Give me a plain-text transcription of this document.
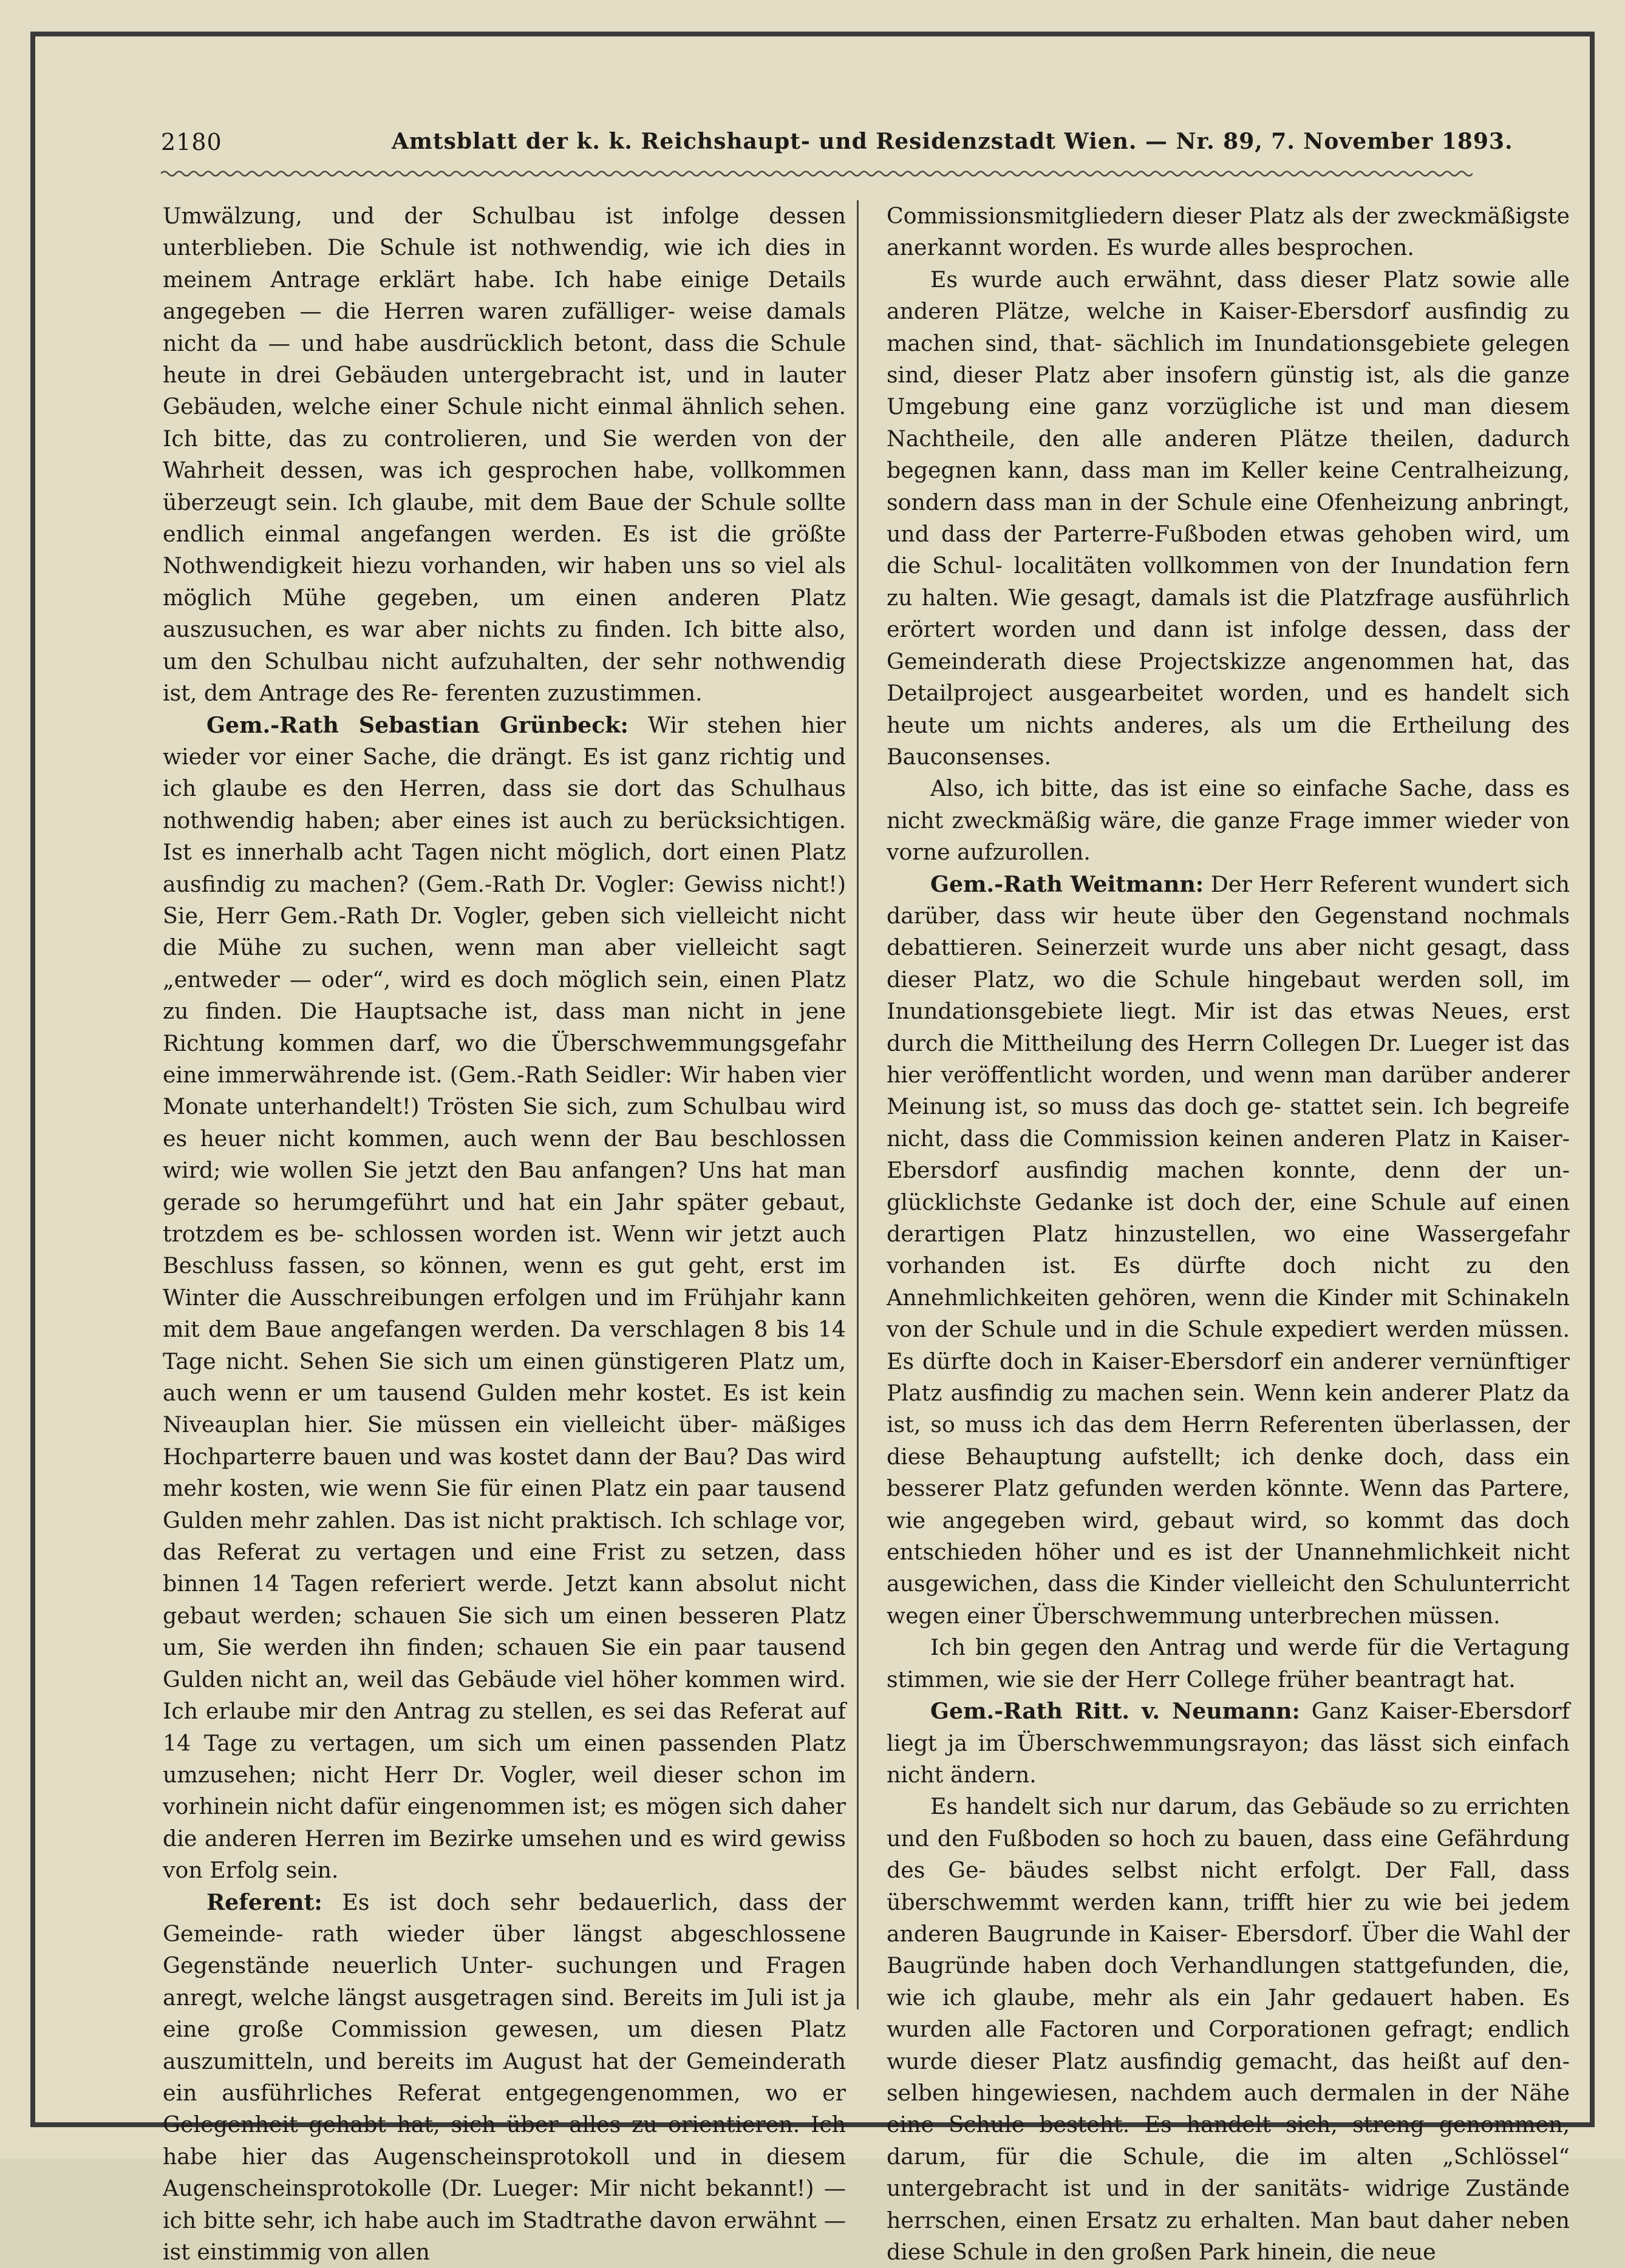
2180	Amtsblatt der k. k. Reichshaupt- und Residenzstadt Wien. — Nr. 89, 7. November 1893.

Umwälzung, und der Schulbau ist infolge dessen unterblieben. Die Schule ist nothwendig, wie ich dies in meinem Antrage erklärt habe. Ich habe einige Details angegeben — die Herren waren zufälliger- weise damals nicht da — und habe ausdrücklich betont, dass die Schule heute in drei Gebäuden untergebracht ist, und in lauter Gebäuden, welche einer Schule nicht einmal ähnlich sehen. Ich bitte, das zu controlieren, und Sie werden von der Wahrheit dessen, was ich gesprochen habe, vollkommen überzeugt sein. Ich glaube, mit dem Baue der Schule sollte endlich einmal angefangen werden. Es ist die größte Nothwendigkeit hiezu vorhanden, wir haben uns so viel als möglich Mühe gegeben, um einen anderen Platz auszusuchen, es war aber nichts zu finden. Ich bitte also, um den Schulbau nicht aufzuhalten, der sehr nothwendig ist, dem Antrage des Re- ferenten zuzustimmen.

Gem.-Rath Sebastian Grünbeck: Wir stehen hier wieder vor einer Sache, die drängt. Es ist ganz richtig und ich glaube es den Herren, dass sie dort das Schulhaus nothwendig haben; aber eines ist auch zu berücksichtigen. Ist es innerhalb acht Tagen nicht möglich, dort einen Platz ausfindig zu machen? (Gem.-Rath Dr. Vogler: Gewiss nicht!) Sie, Herr Gem.-Rath Dr. Vogler, geben sich vielleicht nicht die Mühe zu suchen, wenn man aber vielleicht sagt „entweder — oder“, wird es doch möglich sein, einen Platz zu finden. Die Hauptsache ist, dass man nicht in jene Richtung kommen darf, wo die Überschwemmungsgefahr eine immerwährende ist. (Gem.-Rath Seidler: Wir haben vier Monate unterhandelt!) Trösten Sie sich, zum Schulbau wird es heuer nicht kommen, auch wenn der Bau beschlossen wird; wie wollen Sie jetzt den Bau anfangen? Uns hat man gerade so herumgeführt und hat ein Jahr später gebaut, trotzdem es be- schlossen worden ist. Wenn wir jetzt auch Beschluss fassen, so können, wenn es gut geht, erst im Winter die Ausschreibungen erfolgen und im Frühjahr kann mit dem Baue angefangen werden. Da verschlagen 8 bis 14 Tage nicht. Sehen Sie sich um einen günstigeren Platz um, auch wenn er um tausend Gulden mehr kostet. Es ist kein Niveauplan hier. Sie müssen ein vielleicht über- mäßiges Hochparterre bauen und was kostet dann der Bau? Das wird mehr kosten, wie wenn Sie für einen Platz ein paar tausend Gulden mehr zahlen. Das ist nicht praktisch. Ich schlage vor, das Referat zu vertagen und eine Frist zu setzen, dass binnen 14 Tagen referiert werde. Jetzt kann absolut nicht gebaut werden; schauen Sie sich um einen besseren Platz um, Sie werden ihn finden; schauen Sie ein paar tausend Gulden nicht an, weil das Gebäude viel höher kommen wird. Ich erlaube mir den Antrag zu stellen, es sei das Referat auf 14 Tage zu vertagen, um sich um einen passenden Platz umzusehen; nicht Herr Dr. Vogler, weil dieser schon im vorhinein nicht dafür eingenommen ist; es mögen sich daher die anderen Herren im Bezirke umsehen und es wird gewiss von Erfolg sein.

Referent: Es ist doch sehr bedauerlich, dass der Gemeinde- rath wieder über längst abgeschlossene Gegenstände neuerlich Unter- suchungen und Fragen anregt, welche längst ausgetragen sind. Bereits im Juli ist ja eine große Commission gewesen, um diesen Platz auszumitteln, und bereits im August hat der Gemeinderath ein ausführliches Referat entgegengenommen, wo er Gelegenheit gehabt hat, sich über alles zu orientieren. Ich habe hier das Augenscheinsprotokoll und in diesem Augenscheinsprotokolle (Dr. Lueger: Mir nicht bekannt!) — ich bitte sehr, ich habe auch im Stadtrathe davon erwähnt — ist einstimmig von allen

Commissionsmitgliedern dieser Platz als der zweckmäßigste anerkannt worden. Es wurde alles besprochen.

Es wurde auch erwähnt, dass dieser Platz sowie alle anderen Plätze, welche in Kaiser-Ebersdorf ausfindig zu machen sind, that- sächlich im Inundationsgebiete gelegen sind, dieser Platz aber insofern günstig ist, als die ganze Umgebung eine ganz vorzügliche ist und man diesem Nachtheile, den alle anderen Plätze theilen, dadurch begegnen kann, dass man im Keller keine Centralheizung, sondern dass man in der Schule eine Ofenheizung anbringt, und dass der Parterre-Fußboden etwas gehoben wird, um die Schul- localitäten vollkommen von der Inundation fern zu halten. Wie gesagt, damals ist die Platzfrage ausführlich erörtert worden und dann ist infolge dessen, dass der Gemeinderath diese Projectskizze angenommen hat, das Detailproject ausgearbeitet worden, und es handelt sich heute um nichts anderes, als um die Ertheilung des Bauconsenses.

Also, ich bitte, das ist eine so einfache Sache, dass es nicht zweckmäßig wäre, die ganze Frage immer wieder von vorne aufzurollen.

Gem.-Rath Weitmann: Der Herr Referent wundert sich darüber, dass wir heute über den Gegenstand nochmals debattieren. Seinerzeit wurde uns aber nicht gesagt, dass dieser Platz, wo die Schule hingebaut werden soll, im Inundationsgebiete liegt. Mir ist das etwas Neues, erst durch die Mittheilung des Herrn Collegen Dr. Lueger ist das hier veröffentlicht worden, und wenn man darüber anderer Meinung ist, so muss das doch ge- stattet sein. Ich begreife nicht, dass die Commission keinen anderen Platz in Kaiser-Ebersdorf ausfindig machen konnte, denn der un- glücklichste Gedanke ist doch der, eine Schule auf einen derartigen Platz hinzustellen, wo eine Wassergefahr vorhanden ist. Es dürfte doch nicht zu den Annehmlichkeiten gehören, wenn die Kinder mit Schinakeln von der Schule und in die Schule expediert werden müssen. Es dürfte doch in Kaiser-Ebersdorf ein anderer vernünftiger Platz ausfindig zu machen sein. Wenn kein anderer Platz da ist, so muss ich das dem Herrn Referenten überlassen, der diese Behauptung aufstellt; ich denke doch, dass ein besserer Platz gefunden werden könnte. Wenn das Partere, wie angegeben wird, gebaut wird, so kommt das doch entschieden höher und es ist der Unannehmlichkeit nicht ausgewichen, dass die Kinder vielleicht den Schulunterricht wegen einer Überschwemmung unterbrechen müssen.

Ich bin gegen den Antrag und werde für die Vertagung stimmen, wie sie der Herr College früher beantragt hat.

Gem.-Rath Ritt. v. Neumann: Ganz Kaiser-Ebersdorf liegt ja im Überschwemmungsrayon; das lässt sich einfach nicht ändern.

Es handelt sich nur darum, das Gebäude so zu errichten und den Fußboden so hoch zu bauen, dass eine Gefährdung des Ge- bäudes selbst nicht erfolgt. Der Fall, dass überschwemmt werden kann, trifft hier zu wie bei jedem anderen Baugrunde in Kaiser- Ebersdorf. Über die Wahl der Baugründe haben doch Verhandlungen stattgefunden, die, wie ich glaube, mehr als ein Jahr gedauert haben. Es wurden alle Factoren und Corporationen gefragt; endlich wurde dieser Platz ausfindig gemacht, das heißt auf den- selben hingewiesen, nachdem auch dermalen in der Nähe eine Schule besteht. Es handelt sich, streng genommen, darum, für die Schule, die im alten „Schlössel“ untergebracht ist und in der sanitäts- widrige Zustände herrschen, einen Ersatz zu erhalten. Man baut daher neben diese Schule in den großen Park hinein, die neue
